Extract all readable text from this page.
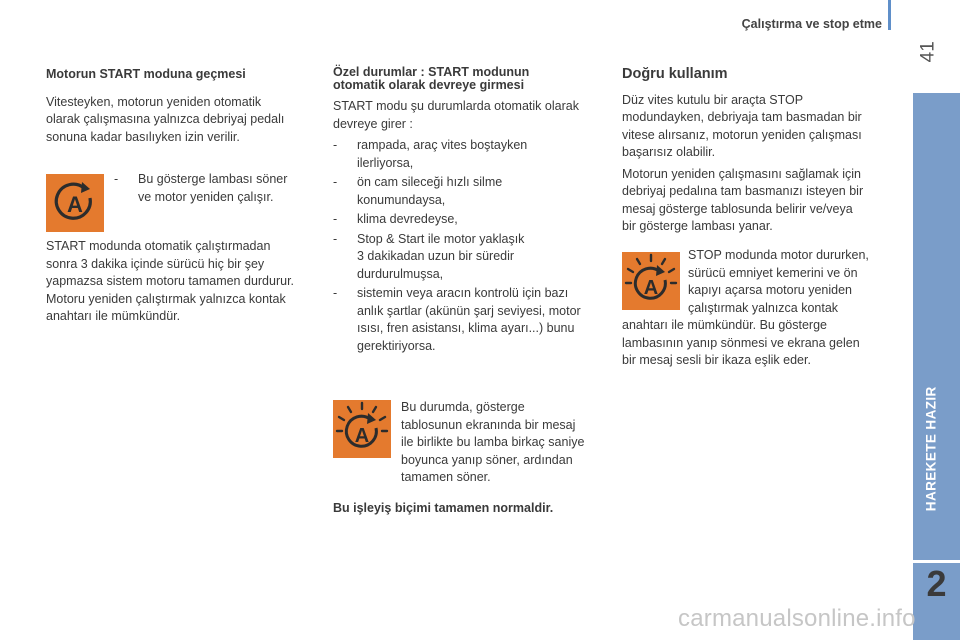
Çalıştırma ve stop etme
41
HAREKETE HAZIR
2

Motorun START moduna geçmesi

Vitesteyken, motorun yeniden otomatik

olarak çalışmasına yalnızca debriyaj pedalı

sonuna kadar basılıyken izin verilir.

A
- Bu gösterge lambası söner

ve motor yeniden çalışır.

START modunda otomatik çalıştırmadan

sonra 3 dakika içinde sürücü hiç bir şey

yapmazsa sistem motoru tamamen durdurur.

Motoru yeniden çalıştırmak yalnızca kontak

anahtarı ile mümkündür.

Özel durumlar : START modunun

otomatik olarak devreye girmesi

START modu şu durumlarda otomatik olarak

devreye girer :

- rampada, araç vites boştayken

ilerliyorsa,

- ön cam sileceği hızlı silme

konumundaysa,

- klima devredeyse,

- Stop & Start ile motor yaklaşık

3 dakikadan uzun bir süredir

durdurulmuşsa,

- sistemin veya aracın kontrolü için bazı

anlık şartlar (akünün şarj seviyesi, motor

ısısı, fren asistansı, klima ayarı...) bunu

gerektiriyorsa.

A

Bu durumda, gösterge

tablosunun ekranında bir mesaj

ile birlikte bu lamba birkaç saniye

boyunca yanıp söner, ardından

tamamen söner.

Bu işleyiş biçimi tamamen normaldir.

Doğru kullanım

Düz vites kutulu bir araçta STOP

modundayken, debriyaja tam basmadan bir

vitese alırsanız, motorun yeniden çalışması

başarısız olabilir.

Motorun yeniden çalışmasını sağlamak için

debriyaj pedalına tam basmanızı isteyen bir

mesaj gösterge tablosunda belirir ve/veya

bir gösterge lambası yanar.

A

STOP modunda motor dururken,

sürücü emniyet kemerini ve ön

kapıyı açarsa motoru yeniden

çalıştırmak yalnızca kontak

anahtarı ile mümkündür. Bu gösterge

lambasının yanıp sönmesi ve ekrana gelen

bir mesaj sesli bir ikaza eşlik eder.

carmanualsonline.info
